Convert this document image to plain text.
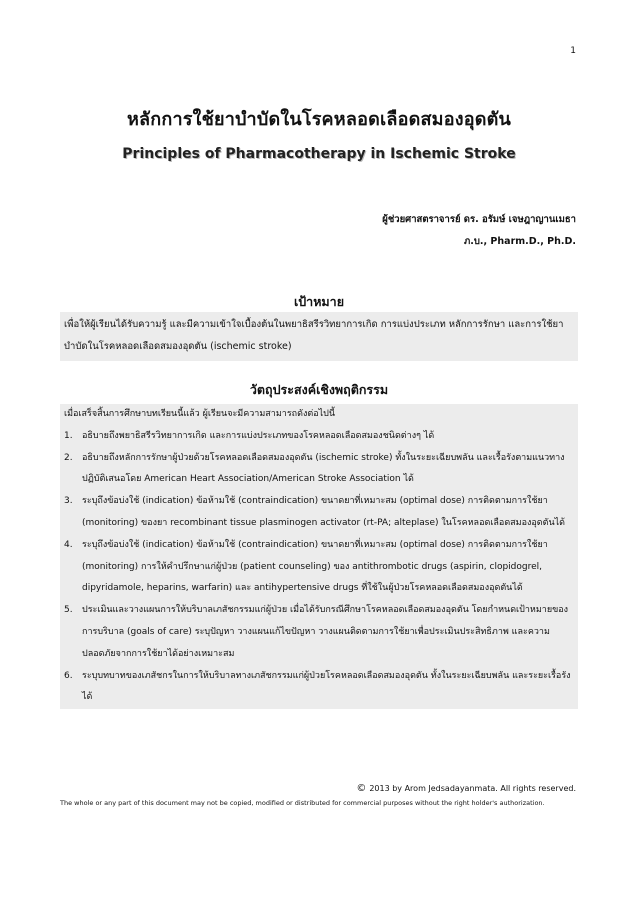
1
หลักการใช้ยาบำบัดในโรคหลอดเลือดสมองอุดตัน
Principles of Pharmacotherapy in Ischemic Stroke
ผู้ช่วยศาสตราจารย์ ดร. อรัมษ์ เจษฎาญานเมธา
ภ.บ., Pharm.D., Ph.D.
เป้าหมาย
เพื่อให้ผู้เรียนได้รับความรู้ และมีความเข้าใจเบื้องต้นในพยาธิสรีรวิทยาการเกิด การแบ่งประเภท หลักการรักษา และการใช้ยาบำบัดในโรคหลอดเลือดสมองอุดตัน (ischemic stroke)
วัตถุประสงค์เชิงพฤติกรรม

เมื่อเสร็จสิ้นการศึกษาบทเรียนนี้แล้ว ผู้เรียนจะมีความสามารถดังต่อไปนี้

1. อธิบายถึงพยาธิสรีรวิทยาการเกิด และการแบ่งประเภทของโรคหลอดเลือดสมองชนิดต่างๆ ได้
2. อธิบายถึงหลักการรักษาผู้ป่วยด้วยโรคหลอดเลือดสมองอุดตัน (ischemic stroke) ทั้งในระยะเฉียบพลัน และเรื้อรังตามแนวทางปฏิบัติเสนอโดย American Heart Association/American Stroke Association ได้
3. ระบุถึงข้อบ่งใช้ (indication) ข้อห้ามใช้ (contraindication) ขนาดยาที่เหมาะสม (optimal dose) การติดตามการใช้ยา (monitoring) ของยา recombinant tissue plasminogen activator (rt-PA; alteplase) ในโรคหลอดเลือดสมองอุดตันได้
4. ระบุถึงข้อบ่งใช้ (indication) ข้อห้ามใช้ (contraindication) ขนาดยาที่เหมาะสม (optimal dose) การติดตามการใช้ยา (monitoring) การให้คำปรึกษาแก่ผู้ป่วย (patient counseling) ของ antithrombotic drugs (aspirin, clopidogrel, dipyridamole, heparins, warfarin) และ antihypertensive drugs ที่ใช้ในผู้ป่วยโรคหลอดเลือดสมองอุดตันได้
5. ประเมินและวางแผนการให้บริบาลเภสัชกรรมแก่ผู้ป่วย เมื่อได้รับกรณีศึกษาโรคหลอดเลือดสมองอุดตัน โดยกำหนดเป้าหมายของการบริบาล (goals of care) ระบุปัญหา วางแผนแก้ไขปัญหา วางแผนติดตามการใช้ยาเพื่อประเมินประสิทธิภาพ และความปลอดภัยจากการใช้ยาได้อย่างเหมาะสม
6. ระบุบทบาทของเภสัชกรในการให้บริบาลทางเภสัชกรรมแก่ผู้ป่วยโรคหลอดเลือดสมองอุดตัน ทั้งในระยะเฉียบพลัน และระยะเรื้อรังได้
© 2013 by Arom Jedsadayanmata. All rights reserved.
The whole or any part of this document may not be copied, modified or distributed for commercial purposes without the right holder's authorization.
